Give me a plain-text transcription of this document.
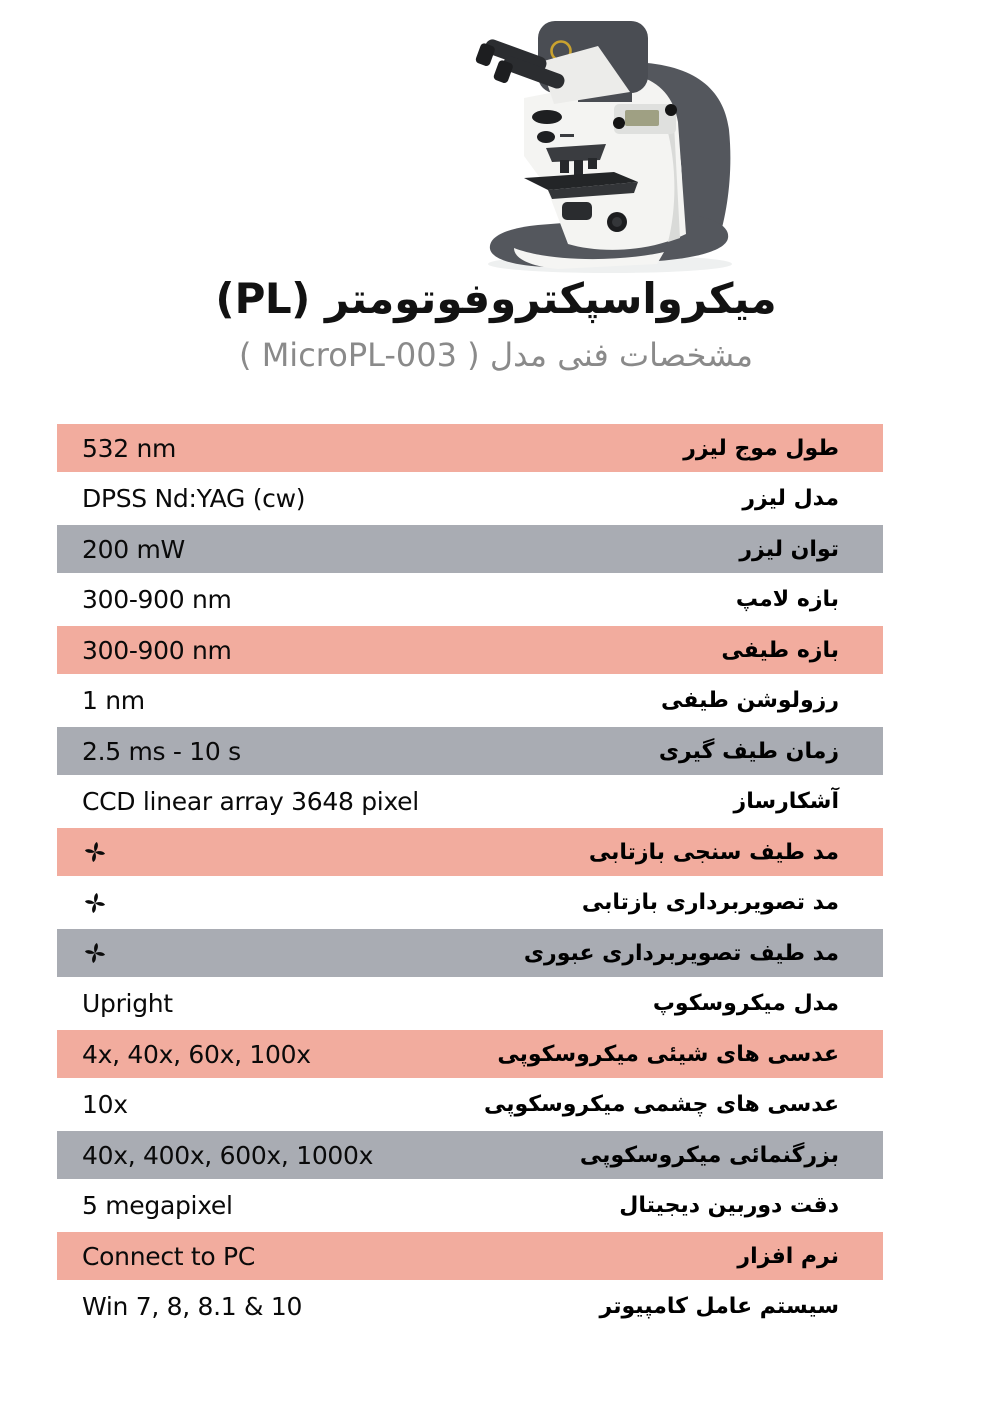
میکرواسپکتروفوتومتر (PL)
مشخصات فنی مدل ( MicroPL-003 )
طول موج لیزر
532 nm
مدل لیزر
DPSS Nd:YAG (cw)
توان لیزر
200 mW
بازه لامپ
300-900 nm
بازه طیفی
300-900 nm
رزولوشن طیفی
1 nm
زمان طیف گیری
2.5 ms - 10 s
آشکارساز
CCD linear array 3648 pixel
مد طیف سنجی بازتابی
مد تصویربرداری بازتابی
مد طیف تصویربرداری عبوری
مدل میکروسکوپ
Upright
عدسی های شیئی میکروسکوپی
4x, 40x, 60x, 100x
عدسی های چشمی میکروسکوپی
10x
بزرگنمائی میکروسکوپی
40x, 400x, 600x, 1000x
دقت دوربین دیجیتال
5 megapixel
نرم افزار
Connect to PC
سیستم عامل کامپیوتر
Win 7, 8, 8.1 & 10
